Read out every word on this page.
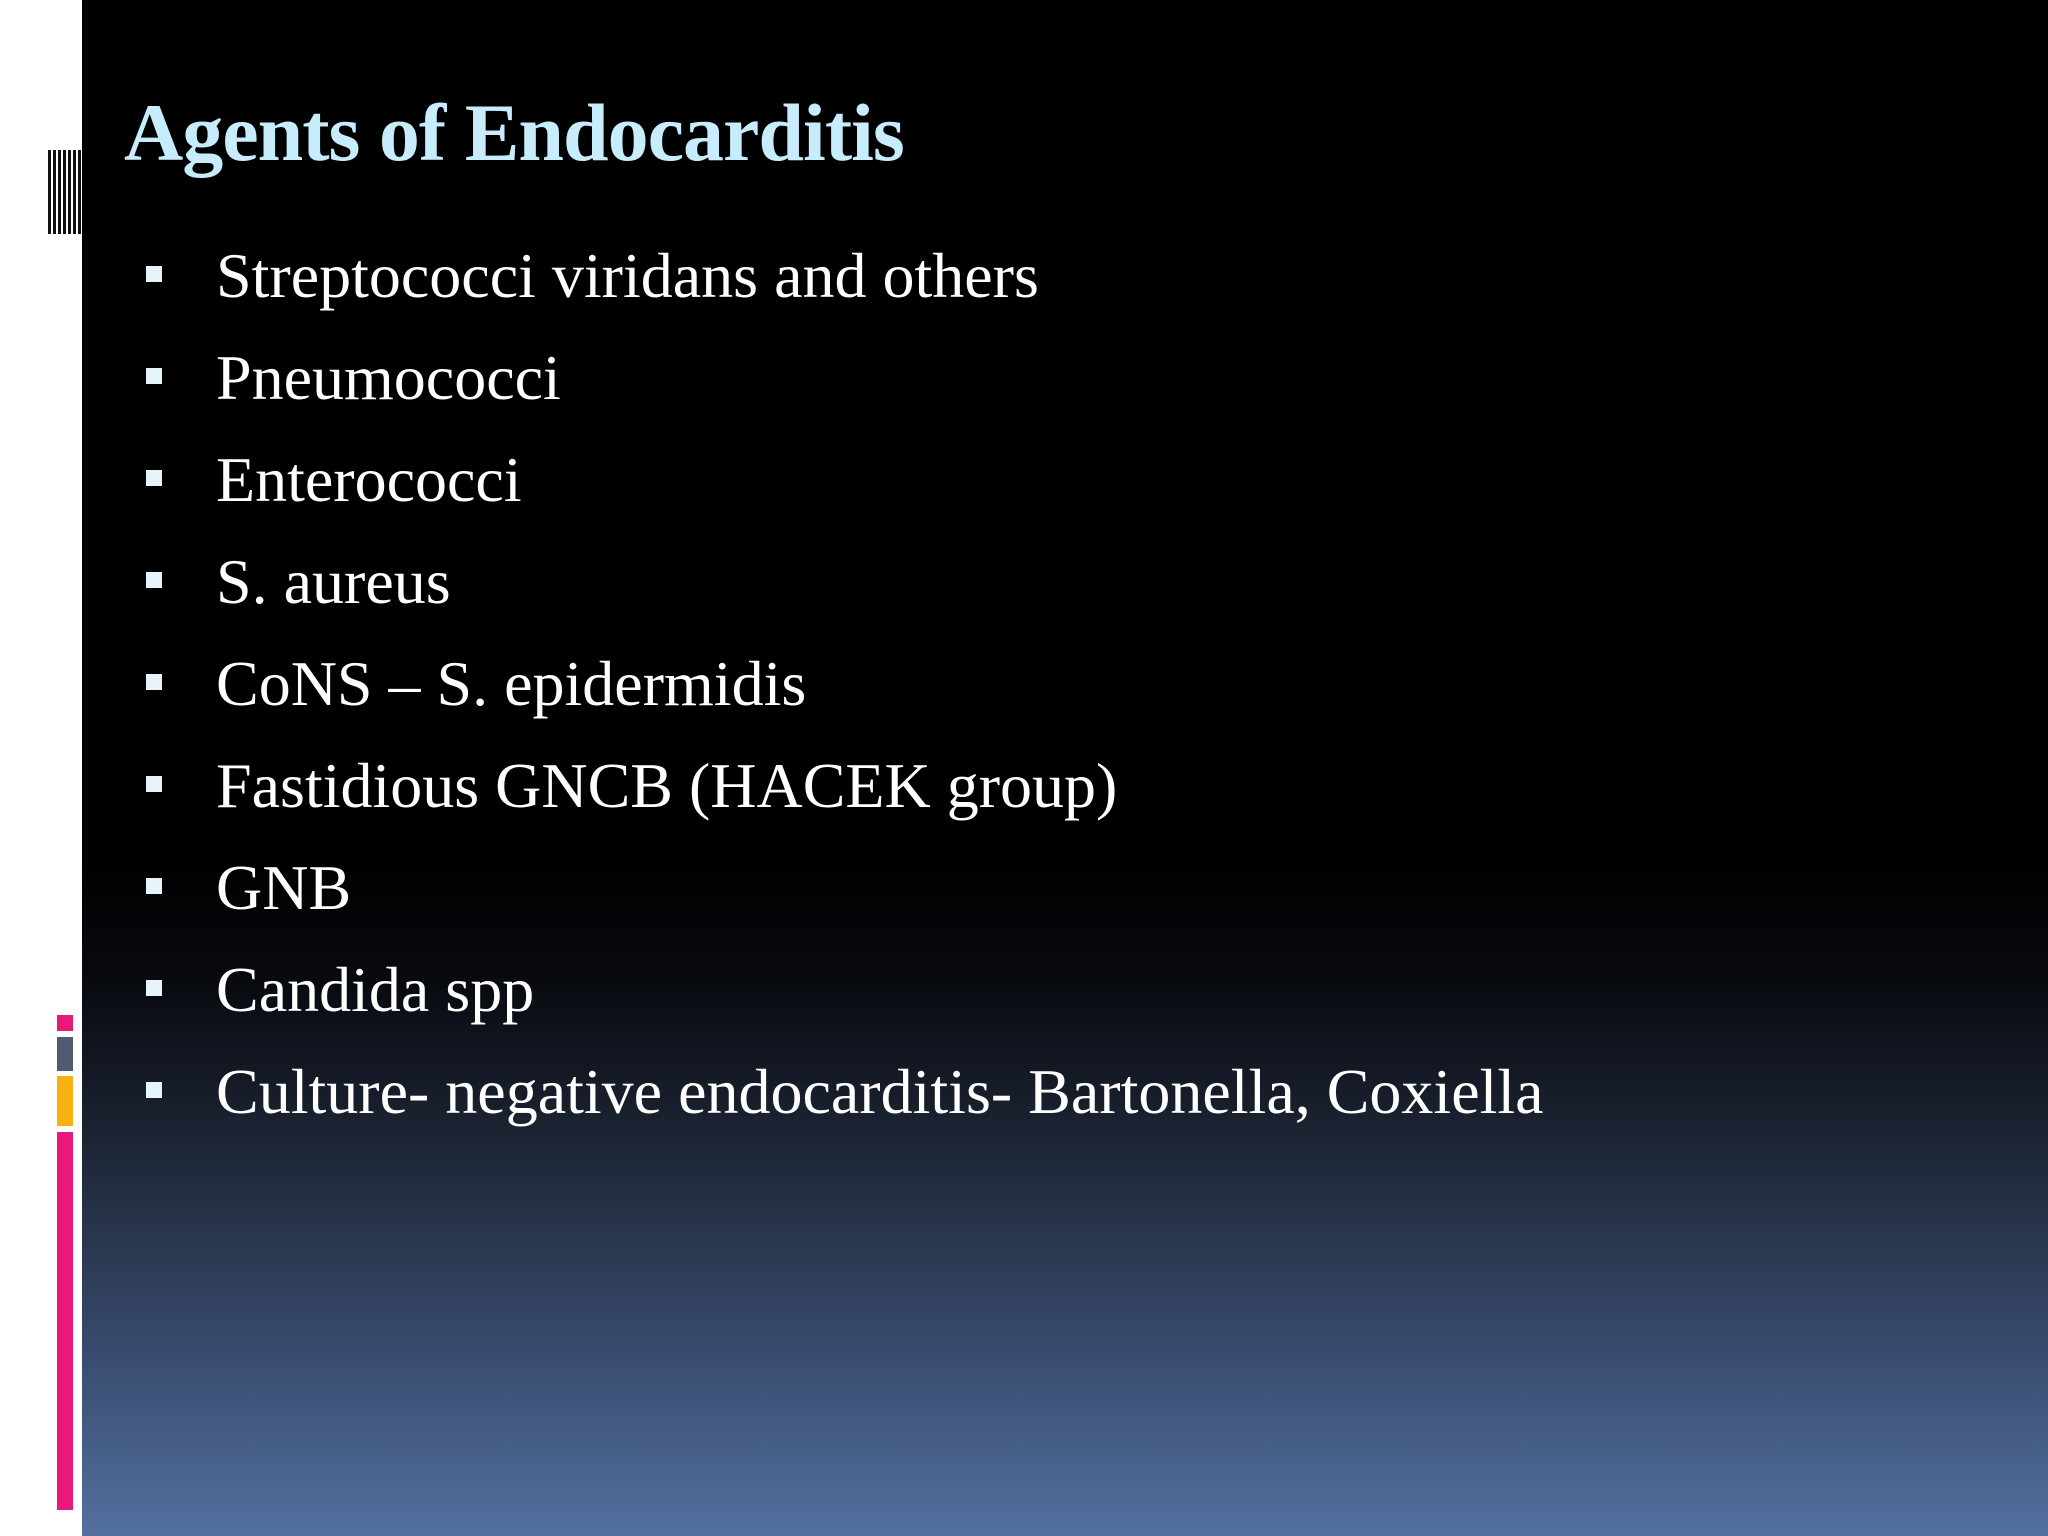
Agents of Endocarditis
Streptococci viridans and others
Pneumococci
Enterococci
S. aureus
CoNS – S. epidermidis
Fastidious GNCB (HACEK group)
GNB
Candida spp
Culture- negative endocarditis- Bartonella, Coxiella
